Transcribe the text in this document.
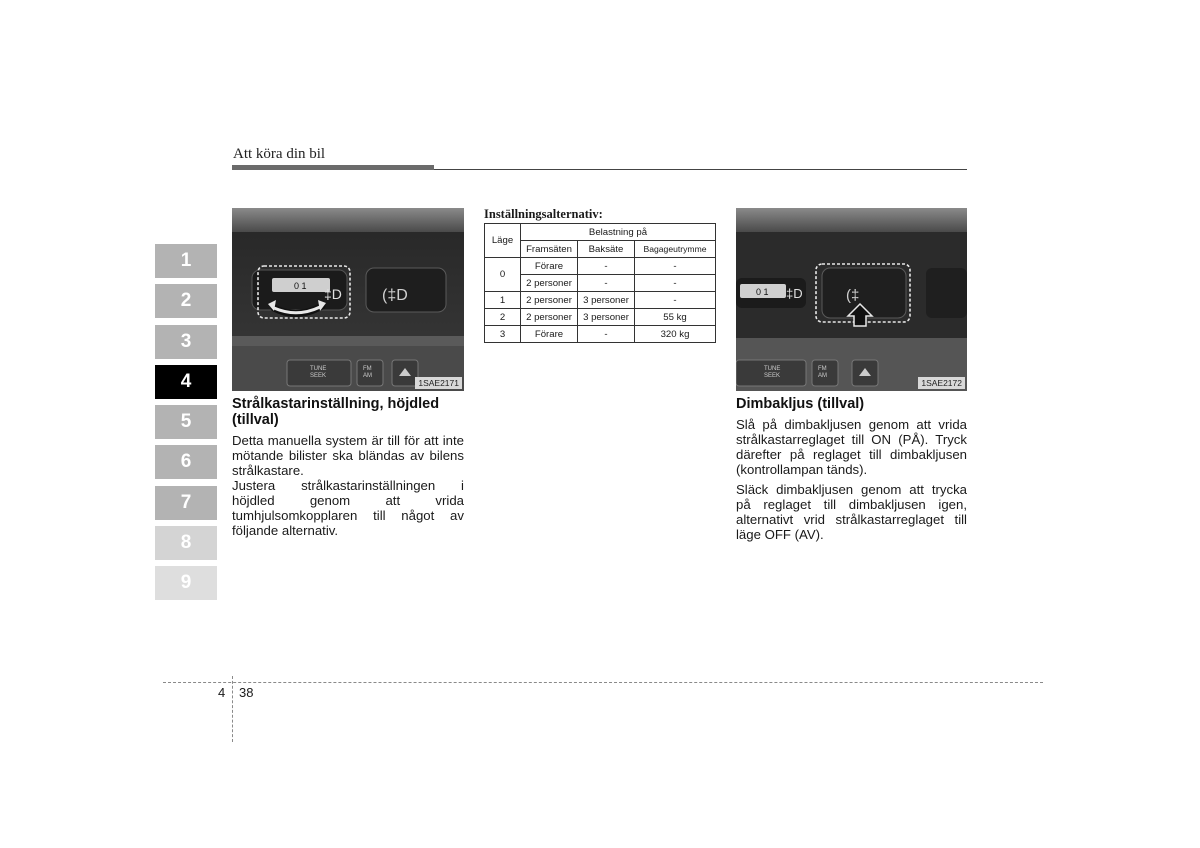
Att köra din bil
1
2
3
4
5
6
7
8
9
0 1
(‡D
‡D
TUNE
SEEK
FM
AM
1SAE2171
Strålkastarinställning, höjdled (tillval)
Detta manuella system är till för att inte mötande bilister ska bländas av bilens strålkastare.
Justera strålkastarinställningen i höjdled genom att vrida tumhjulsomkopplaren till något av följande alternativ.
Inställningsalternativ:
Läge	Belastning på		
	Framsäten	Baksäte	Bagageutrymme
0	Förare	-	-
	2 personer	-	-
1	2 personer	3 personer	-
2	2 personer	3 personer	55 kg
3	Förare	-	320 kg
0 1 ‡D	(‡
TUNE
SEEK
FM
AM
1SAE2172
Dimbakljus (tillval)
Slå på dimbakljusen genom att vrida strålkastarreglaget till ON (PÅ). Tryck därefter på reglaget till dimbakljusen (kontrollampan tänds).
Släck dimbakljusen genom att trycka på reglaget till dimbakljusen igen, alternativt vrid strålkastarreglaget till läge OFF (AV).
4 38
